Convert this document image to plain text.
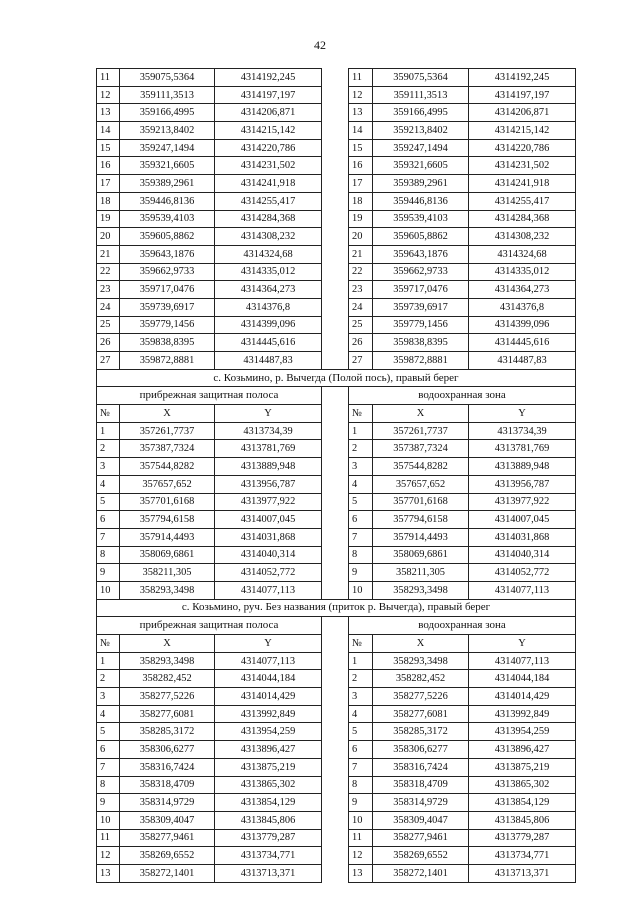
42
11	359075,5364	4314192,245		11	359075,5364	4314192,245
12	359111,3513	4314197,197		12	359111,3513	4314197,197
13	359166,4995	4314206,871		13	359166,4995	4314206,871
14	359213,8402	4314215,142		14	359213,8402	4314215,142
15	359247,1494	4314220,786		15	359247,1494	4314220,786
16	359321,6605	4314231,502		16	359321,6605	4314231,502
17	359389,2961	4314241,918		17	359389,2961	4314241,918
18	359446,8136	4314255,417		18	359446,8136	4314255,417
19	359539,4103	4314284,368		19	359539,4103	4314284,368
20	359605,8862	4314308,232		20	359605,8862	4314308,232
21	359643,1876	4314324,68		21	359643,1876	4314324,68
22	359662,9733	4314335,012		22	359662,9733	4314335,012
23	359717,0476	4314364,273		23	359717,0476	4314364,273
24	359739,6917	4314376,8		24	359739,6917	4314376,8
25	359779,1456	4314399,096		25	359779,1456	4314399,096
26	359838,8395	4314445,616		26	359838,8395	4314445,616
27	359872,8881	4314487,83		27	359872,8881	4314487,83
с. Козьмино, р. Вычегда (Полой пось), правый берег						
прибрежная защитная полоса				водоохранная зона		
№	X	Y		№	X	Y
1	357261,7737	4313734,39		1	357261,7737	4313734,39
2	357387,7324	4313781,769		2	357387,7324	4313781,769
3	357544,8282	4313889,948		3	357544,8282	4313889,948
4	357657,652	4313956,787		4	357657,652	4313956,787
5	357701,6168	4313977,922		5	357701,6168	4313977,922
6	357794,6158	4314007,045		6	357794,6158	4314007,045
7	357914,4493	4314031,868		7	357914,4493	4314031,868
8	358069,6861	4314040,314		8	358069,6861	4314040,314
9	358211,305	4314052,772		9	358211,305	4314052,772
10	358293,3498	4314077,113		10	358293,3498	4314077,113
с. Козьмино, руч. Без названия (приток р. Вычегда), правый берег						
прибрежная защитная полоса				водоохранная зона		
№	X	Y		№	X	Y
1	358293,3498	4314077,113		1	358293,3498	4314077,113
2	358282,452	4314044,184		2	358282,452	4314044,184
3	358277,5226	4314014,429		3	358277,5226	4314014,429
4	358277,6081	4313992,849		4	358277,6081	4313992,849
5	358285,3172	4313954,259		5	358285,3172	4313954,259
6	358306,6277	4313896,427		6	358306,6277	4313896,427
7	358316,7424	4313875,219		7	358316,7424	4313875,219
8	358318,4709	4313865,302		8	358318,4709	4313865,302
9	358314,9729	4313854,129		9	358314,9729	4313854,129
10	358309,4047	4313845,806		10	358309,4047	4313845,806
11	358277,9461	4313779,287		11	358277,9461	4313779,287
12	358269,6552	4313734,771		12	358269,6552	4313734,771
13	358272,1401	4313713,371		13	358272,1401	4313713,371
